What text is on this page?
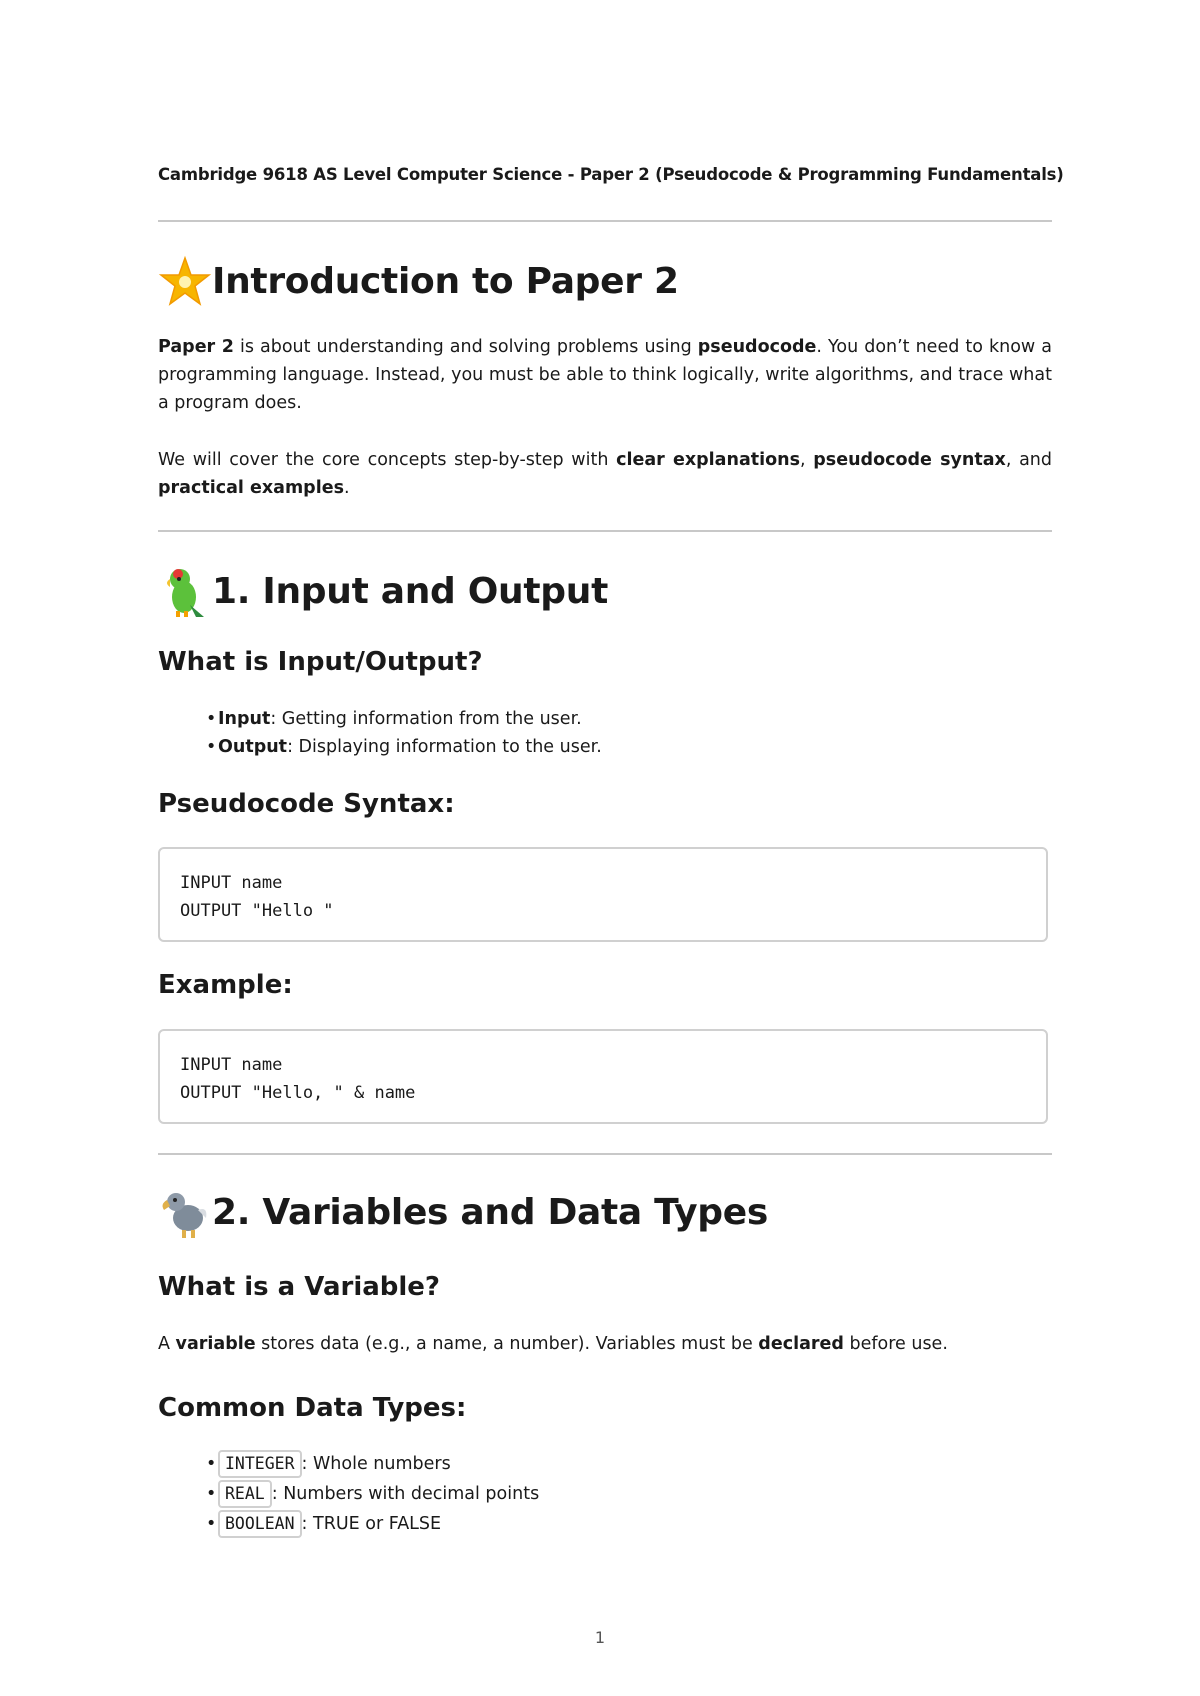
Cambridge 9618 AS Level Computer Science - Paper 2 (Pseudocode & Programming Fundamentals)

Introduction to Paper 2

Paper 2 is about understanding and solving problems using pseudocode. You don’t need to know a programming language. Instead, you must be able to think logically, write algorithms, and trace what a program does.

We will cover the core concepts step-by-step with clear explanations, pseudocode syntax, and practical examples.

1. Input and Output
What is Input/Output?
• Input: Getting information from the user.
• Output: Displaying information to the user.
Pseudocode Syntax:
INPUT name
OUTPUT "Hello "
Example:
INPUT name
OUTPUT "Hello, " & name
2. Variables and Data Types
What is a Variable?

A variable stores data (e.g., a name, a number). Variables must be declared before use.

Common Data Types:
• INTEGER : Whole numbers
• REAL : Numbers with decimal points
• BOOLEAN : TRUE or FALSE
1
